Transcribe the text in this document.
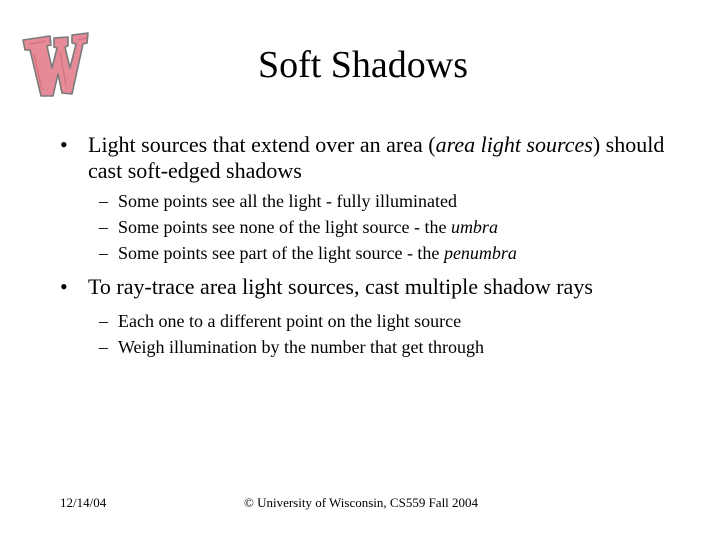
Soft Shadows

• Light sources that extend over an area (area light sources) should cast soft-edged shadows

– Some points see all the light - fully illuminated

– Some points see none of the light source - the umbra

– Some points see part of the light source - the penumbra

• To ray-trace area light sources, cast multiple shadow rays

– Each one to a different point on the light source

– Weigh illumination by the number that get through

12/14/04	© University of Wisconsin, CS559 Fall 2004
